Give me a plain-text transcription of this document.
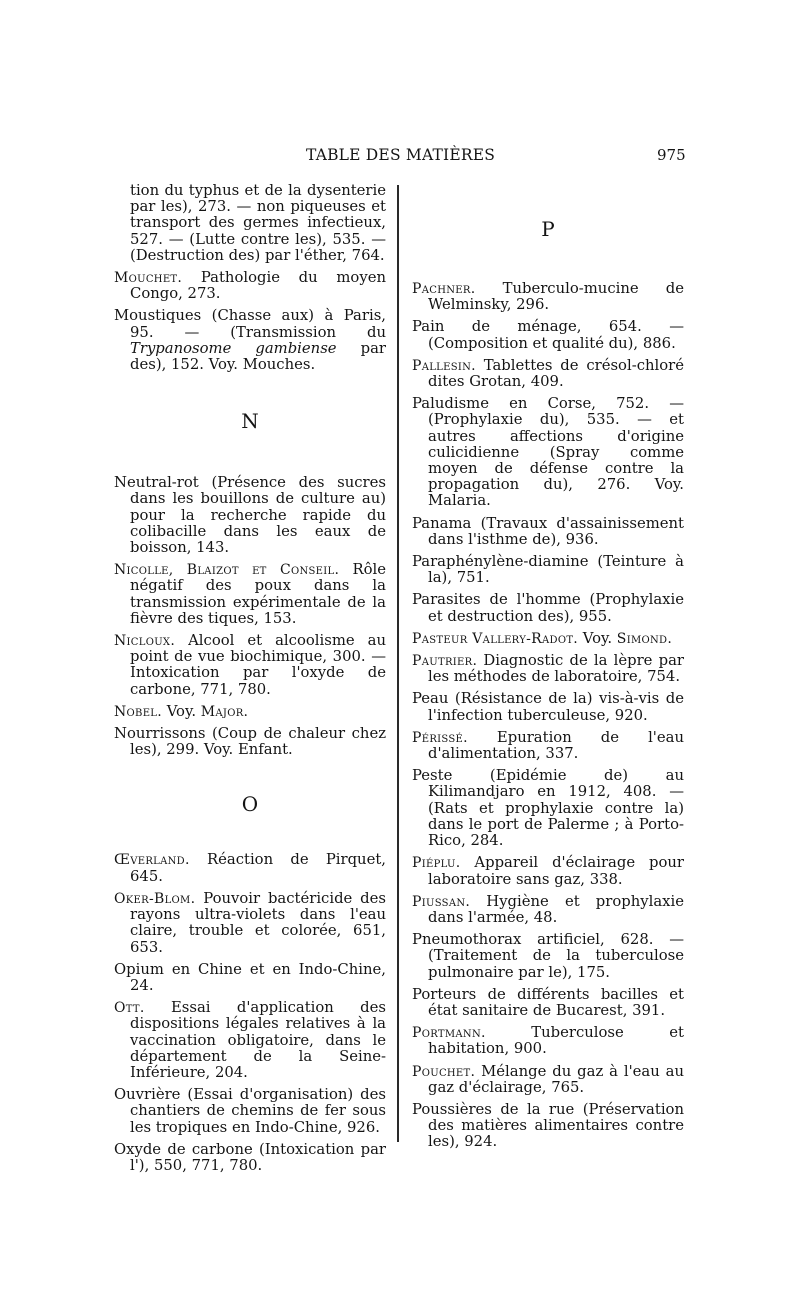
TABLE DES MATIÈRES	975
tion du typhus et de la dysenterie par les), 273. — non piqueuses et transport des germes infectieux, 527. — (Lutte contre les), 535. — (Destruction des) par l'éther, 764.
Mouchet. Pathologie du moyen Congo, 273.
Moustiques (Chasse aux) à Paris, 95. — (Transmission du Trypanosome gambiense par des), 152. Voy. Mouches.
N
Neutral-rot (Présence des sucres dans les bouillons de culture au) pour la recherche rapide du colibacille dans les eaux de boisson, 143.
Nicolle, Blaizot et Conseil. Rôle négatif des poux dans la transmission expérimentale de la fièvre des tiques, 153.
Nicloux. Alcool et alcoolisme au point de vue biochimique, 300. — Intoxication par l'oxyde de carbone, 771, 780.
Nobel. Voy. Major.
Nourrissons (Coup de chaleur chez les), 299. Voy. Enfant.
O
Œverland. Réaction de Pirquet, 645.
Oker-Blom. Pouvoir bactéricide des rayons ultra-violets dans l'eau claire, trouble et colorée, 651, 653.
Opium en Chine et en Indo-Chine, 24.
Ott. Essai d'application des dispositions légales relatives à la vaccination obligatoire, dans le département de la Seine-Inférieure, 204.
Ouvrière (Essai d'organisation) des chantiers de chemins de fer sous les tropiques en Indo-Chine, 926.
Oxyde de carbone (Intoxication par l'), 550, 771, 780.
P
Pachner. Tuberculo-mucine de Welminsky, 296.
Pain de ménage, 654. — (Composition et qualité du), 886.
Pallesin. Tablettes de crésol-chloré dites Grotan, 409.
Paludisme en Corse, 752. — (Prophylaxie du), 535. — et autres affections d'origine culicidienne (Spray comme moyen de défense contre la propagation du), 276. Voy. Malaria.
Panama (Travaux d'assainissement dans l'isthme de), 936.
Paraphénylène-diamine (Teinture à la), 751.
Parasites de l'homme (Prophylaxie et destruction des), 955.
Pasteur Vallery-Radot. Voy. Simond.
Pautrier. Diagnostic de la lèpre par les méthodes de laboratoire, 754.
Peau (Résistance de la) vis-à-vis de l'infection tuberculeuse, 920.
Périssé. Epuration de l'eau d'alimentation, 337.
Peste (Epidémie de) au Kilimandjaro en 1912, 408. — (Rats et prophylaxie contre la) dans le port de Palerme ; à Porto-Rico, 284.
Piéplu. Appareil d'éclairage pour laboratoire sans gaz, 338.
Piussan. Hygiène et prophylaxie dans l'armée, 48.
Pneumothorax artificiel, 628. — (Traitement de la tuberculose pulmonaire par le), 175.
Porteurs de différents bacilles et état sanitaire de Bucarest, 391.
Portmann. Tuberculose et habitation, 900.
Pouchet. Mélange du gaz à l'eau au gaz d'éclairage, 765.
Poussières de la rue (Préservation des matières alimentaires contre les), 924.
